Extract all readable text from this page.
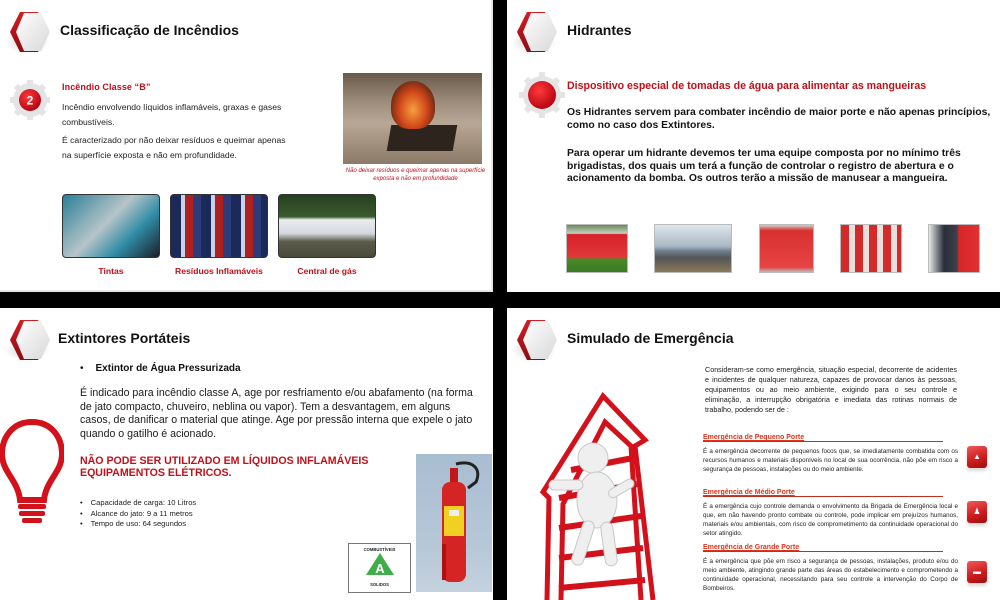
Classificação de Incêndios
2
Incêndio Classe “B”

Incêndio envolvendo líquidos inflamáveis, graxas e gases combustíveis.

É caracterizado por não deixar resíduos e queimar apenas na superfície exposta e não em profundidade.

Não deixar resíduos e queimar apenas na superfície exposta e não em profundidade
Tintas	Resíduos Inflamáveis	Central de gás
Hidrantes
Dispositivo especial de tomadas de água para alimentar as mangueiras
Os Hidrantes servem para combater incêndio de maior porte e não apenas princípios, como no caso dos Extintores.
Para operar um hidrante devemos ter uma equipe composta por no mínimo três brigadistas, dos quais um terá a função de controlar o registro de abertura e o acionamento da bomba. Os outros terão a missão de manusear a mangueira.
Extintores Portáteis
• Extintor de Água Pressurizada
É indicado para incêndio classe A, age por resfriamento e/ou abafamento (na forma de jato compacto, chuveiro, neblina ou vapor). Tem a desvantagem, em alguns casos, de danificar o material que atinge. Age por pressão interna que expele o jato quando o gatilho é acionado.
NÃO PODE SER UTILIZADO EM LÍQUIDOS INFLAMÁVEIS EQUIPAMENTOS ELÉTRICOS.
• Capacidade de carga: 10 Litros
• Alcance do jato: 9 a 11 metros
• Tempo de uso: 64 segundos
COMBUSTÍVEIS
A
SOLIDOS
Simulado de Emergência
Consideram-se como emergência, situação especial, decorrente de acidentes e incidentes de qualquer natureza, capazes de provocar danos às pessoas, equipamentos ou ao meio ambiente, exigindo para o seu controle e eliminação, a interrupção obrigatória e imediata das rotinas normais de trabalho, podendo ser de :
Emergência de Pequeno Porte
É a emergência decorrente de pequenos focos que, se imediatamente combatida com os recursos humanos e materiais disponíveis no local de sua ocorrência, não põe em risco a segurança de pessoas, instalações ou do meio ambiente.
▲
Emergência de Médio Porte
É a emergência cujo controle demanda o envolvimento da Brigada de Emergência local e que, em não havendo pronto combate ou controle, pode implicar em prejuízos humanos, materiais e/ou ambientais, com risco de comprometimento da continuidade operacional do setor atingido.
♟
Emergência de Grande Porte
É a emergência que põe em risco a segurança de pessoas, instalações, produto e/ou do meio ambiente, atingindo grande parte das áreas do estabelecimento e comprometendo a continuidade operacional, necessitando para seu controle a intervenção do Corpo de Bombeiros.
▬
